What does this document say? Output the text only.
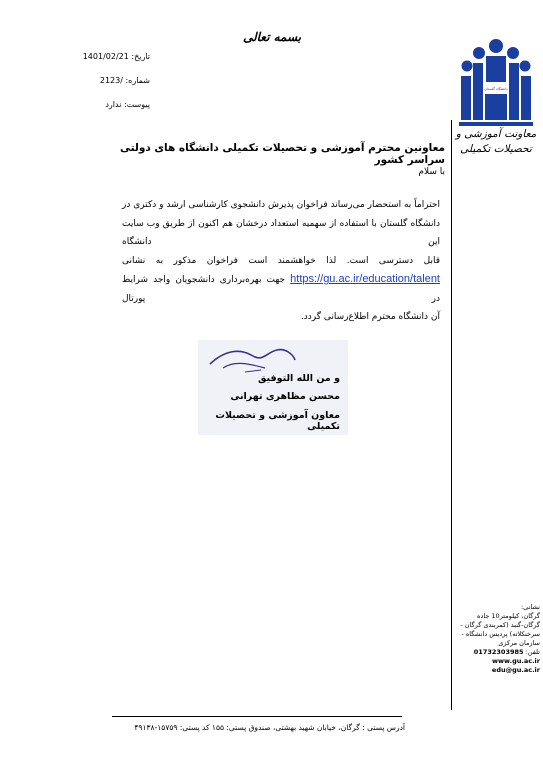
بسمه تعالی
تاریخ: 1401/02/21
شماره: 2123/
پیوست: ندارد
دانشگاه گلستان
معاونت آموزشی و
تحصیلات تکمیلی
معاونین محترم آموزشی و تحصیلات تکمیلی دانشگاه های دولتی سراسر کشور
با سلام
احتراماً به استحضار می‌رساند فراخوان پذیرش دانشجوی کارشناسی ارشد و دکتری در
دانشگاه گلستان با استفاده از سهمیه استعداد درخشان هم اکنون از طریق وب سایت این دانشگاه
قابل دسترسی است. لذا خواهشمند است فراخوان مذکور به نشانی
https://gu.ac.ir/education/talent جهت بهره‌برداری دانشجویان واجد شرایط در پورتال
آن دانشگاه محترم اطلاع‌رسانی گردد.
و من الله التوفیق
محسن مظاهری تهرانی
معاون آموزشی و تحصیلات تکمیلی
نشانی:
گرگان، کیلومتر10 جاده
گرگان-گنبد (کمربندی گرگان -
سرخنکلاته) پردیس دانشگاه -
سازمان مرکزی
تلفن: 01732303985
www.gu.ac.ir
edu@gu.ac.ir
آدرس پستی : گرگان، خیابان شهید بهشتی، صندوق پستی: ۱۵۵ کد پستی: ۱۵۷۵۹-۴۹۱۳۸
